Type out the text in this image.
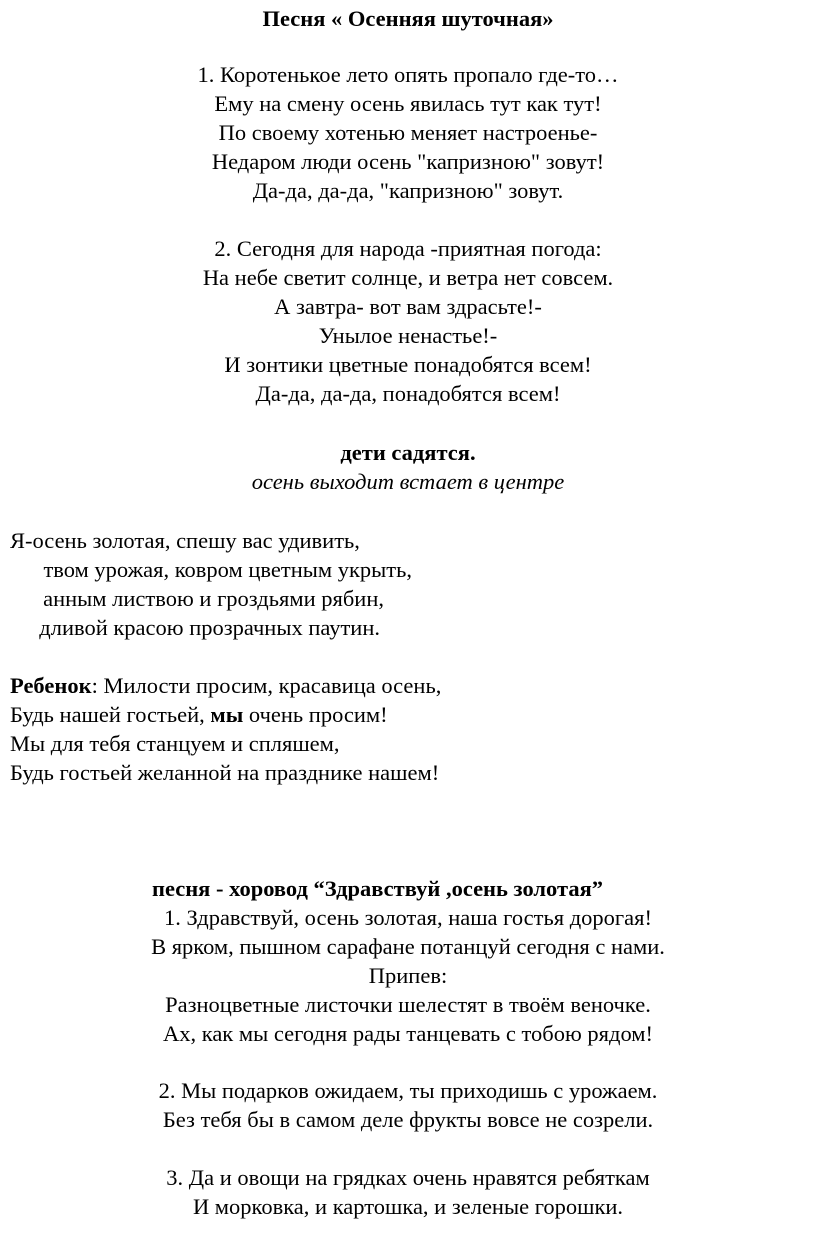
Песня « Осенняя шуточная»
1. Коротенькое лето опять пропало где-то…
Ему на смену осень явилась тут как тут!
По своему хотенью меняет настроенье-
Недаром люди осень "капризною" зовут!
Да-да, да-да, "капризною" зовут.
2. Сегодня для народа -приятная погода:
На небе светит солнце, и ветра нет совсем.
А завтра- вот вам здрасьте!-
Унылое ненастье!-
И зонтики цветные понадобятся всем!
Да-да, да-да, понадобятся всем!
дети садятся.
осень выходит встает в центре
Я-осень золотая, спешу вас удивить,
твом урожая, ковром цветным укрыть,
анным листвою и гроздьями рябин,
дливой красою прозрачных паутин.
Ребенок: Милости просим, красавица осень,
Будь нашей гостьей, мы очень просим!
Мы для тебя станцуем и спляшем,
Будь гостьей желанной на празднике нашем!
песня - хоровод “Здравствуй ,осень золотая”
1. Здравствуй, осень золотая, наша гостья дорогая!
В ярком, пышном сарафане потанцуй сегодня с нами.
Припев:
Разноцветные листочки шелестят в твоём веночке.
Ах, как мы сегодня рады танцевать с тобою рядом!
2. Мы подарков ожидаем, ты приходишь с урожаем.
Без тебя бы в самом деле фрукты вовсе не созрели.
3. Да и овощи на грядках очень нравятся ребяткам
И морковка, и картошка, и зеленые горошки.
